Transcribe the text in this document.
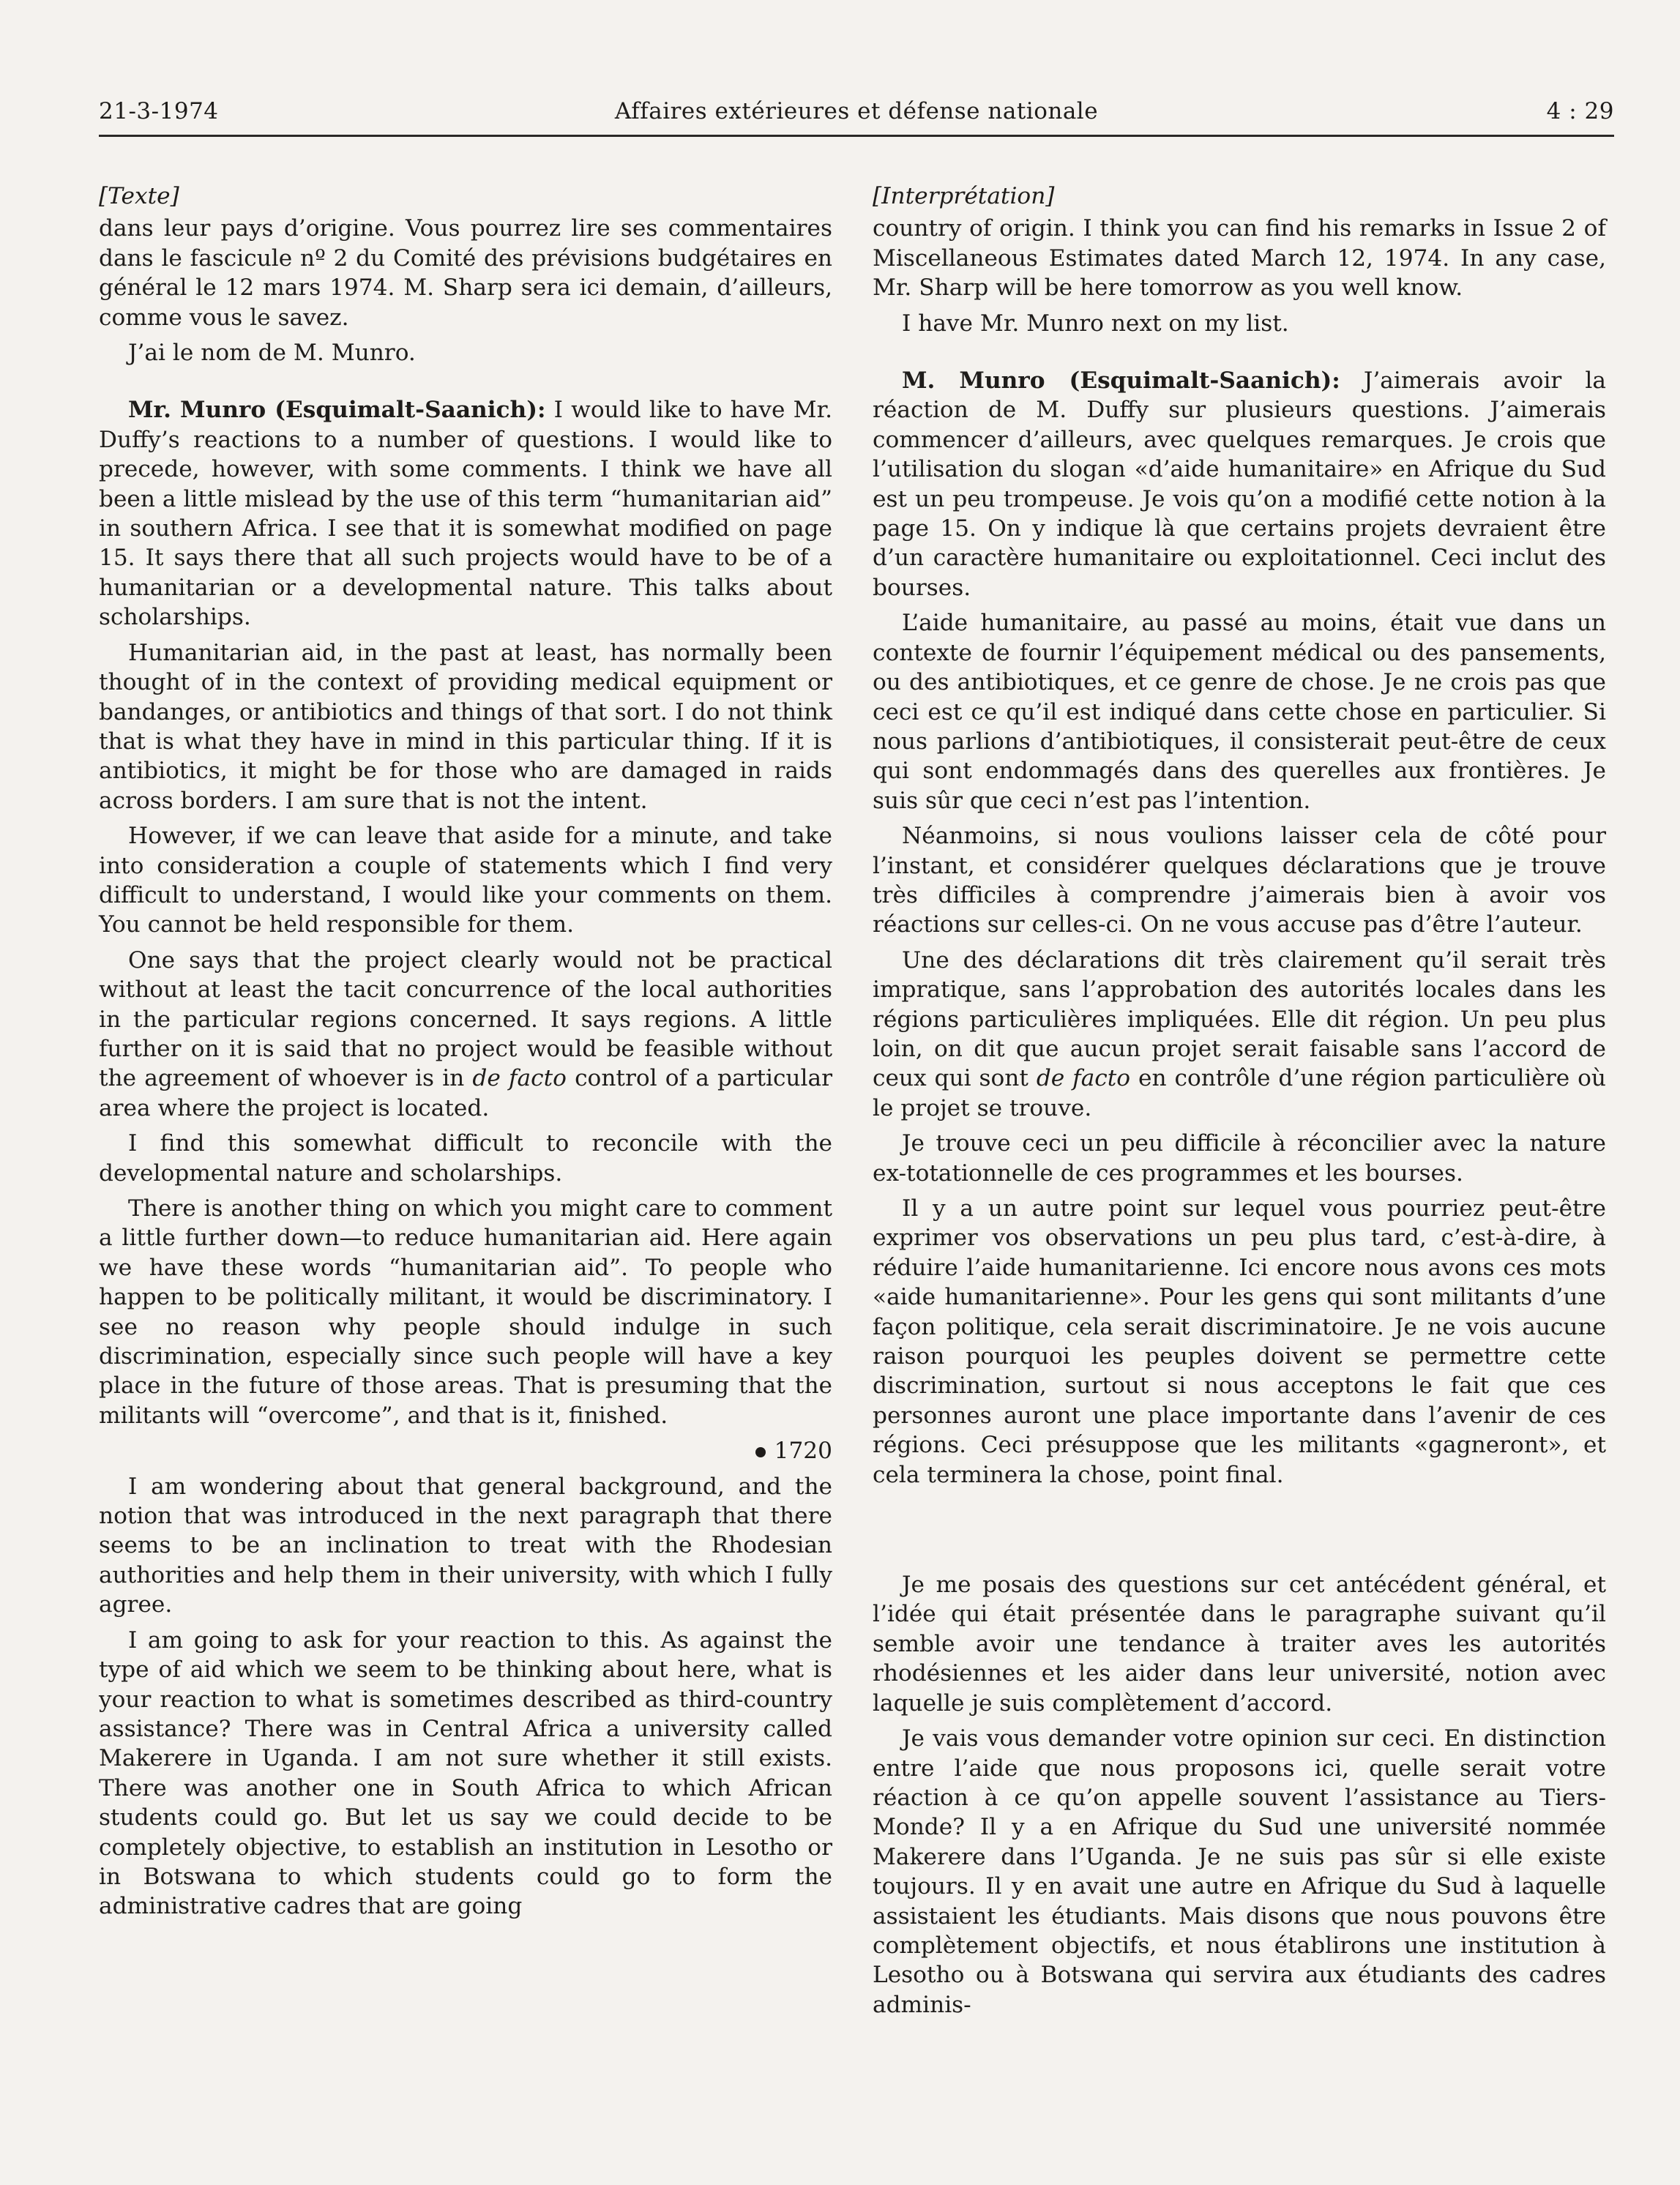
21-3-1974	Affaires extérieures et défense nationale	4 : 29

[Texte]

dans leur pays d’origine. Vous pourrez lire ses commentaires dans le fascicule nº 2 du Comité des prévisions budgétaires en général le 12 mars 1974. M. Sharp sera ici demain, d’ailleurs, comme vous le savez.

J’ai le nom de M. Munro.

Mr. Munro (Esquimalt-Saanich): I would like to have Mr. Duffy’s reactions to a number of questions. I would like to precede, however, with some comments. I think we have all been a little mislead by the use of this term “humanitarian aid” in southern Africa. I see that it is somewhat modified on page 15. It says there that all such projects would have to be of a humanitarian or a developmental nature. This talks about scholarships.

Humanitarian aid, in the past at least, has normally been thought of in the context of providing medical equipment or bandanges, or antibiotics and things of that sort. I do not think that is what they have in mind in this particular thing. If it is antibiotics, it might be for those who are damaged in raids across borders. I am sure that is not the intent.

However, if we can leave that aside for a minute, and take into consideration a couple of statements which I find very difficult to understand, I would like your comments on them. You cannot be held responsible for them.

One says that the project clearly would not be practical without at least the tacit concurrence of the local authorities in the particular regions concerned. It says regions. A little further on it is said that no project would be feasible without the agreement of whoever is in de facto control of a particular area where the project is located.

I find this somewhat difficult to reconcile with the developmental nature and scholarships.

There is another thing on which you might care to comment a little further down—to reduce humanitarian aid. Here again we have these words “humanitarian aid”. To people who happen to be politically militant, it would be discriminatory. I see no reason why people should indulge in such discrimination, especially since such people will have a key place in the future of those areas. That is presuming that the militants will “overcome”, and that is it, finished.

1720

I am wondering about that general background, and the notion that was introduced in the next paragraph that there seems to be an inclination to treat with the Rhodesian authorities and help them in their university, with which I fully agree.

I am going to ask for your reaction to this. As against the type of aid which we seem to be thinking about here, what is your reaction to what is sometimes described as third-country assistance? There was in Central Africa a university called Makerere in Uganda. I am not sure whether it still exists. There was another one in South Africa to which African students could go. But let us say we could decide to be completely objective, to establish an institution in Lesotho or in Botswana to which students could go to form the administrative cadres that are going

[Interprétation]

country of origin. I think you can find his remarks in Issue 2 of Miscellaneous Estimates dated March 12, 1974. In any case, Mr. Sharp will be here tomorrow as you well know.

I have Mr. Munro next on my list.

M. Munro (Esquimalt-Saanich): J’aimerais avoir la réaction de M. Duffy sur plusieurs questions. J’aimerais commencer d’ailleurs, avec quelques remarques. Je crois que l’utilisation du slogan «d’aide humanitaire» en Afrique du Sud est un peu trompeuse. Je vois qu’on a modifié cette notion à la page 15. On y indique là que certains projets devraient être d’un caractère humanitaire ou exploitationnel. Ceci inclut des bourses.

L’aide humanitaire, au passé au moins, était vue dans un contexte de fournir l’équipement médical ou des pansements, ou des antibiotiques, et ce genre de chose. Je ne crois pas que ceci est ce qu’il est indiqué dans cette chose en particulier. Si nous parlions d’antibiotiques, il consisterait peut-être de ceux qui sont endommagés dans des querelles aux frontières. Je suis sûr que ceci n’est pas l’intention.

Néanmoins, si nous voulions laisser cela de côté pour l’instant, et considérer quelques déclarations que je trouve très difficiles à comprendre j’aimerais bien à avoir vos réactions sur celles-ci. On ne vous accuse pas d’être l’auteur.

Une des déclarations dit très clairement qu’il serait très impratique, sans l’approbation des autorités locales dans les régions particulières impliquées. Elle dit région. Un peu plus loin, on dit que aucun projet serait faisable sans l’accord de ceux qui sont de facto en contrôle d’une région particulière où le projet se trouve.

Je trouve ceci un peu difficile à réconcilier avec la nature ex-totationnelle de ces programmes et les bourses.

Il y a un autre point sur lequel vous pourriez peut-être exprimer vos observations un peu plus tard, c’est-à-dire, à réduire l’aide humanitarienne. Ici encore nous avons ces mots «aide humanitarienne». Pour les gens qui sont militants d’une façon politique, cela serait discriminatoire. Je ne vois aucune raison pourquoi les peuples doivent se permettre cette discrimination, surtout si nous acceptons le fait que ces personnes auront une place importante dans l’avenir de ces régions. Ceci présuppose que les militants «gagneront», et cela terminera la chose, point final.

Je me posais des questions sur cet antécédent général, et l’idée qui était présentée dans le paragraphe suivant qu’il semble avoir une tendance à traiter aves les autorités rhodésiennes et les aider dans leur université, notion avec laquelle je suis complètement d’accord.

Je vais vous demander votre opinion sur ceci. En distinction entre l’aide que nous proposons ici, quelle serait votre réaction à ce qu’on appelle souvent l’assistance au Tiers-Monde? Il y a en Afrique du Sud une université nommée Makerere dans l’Uganda. Je ne suis pas sûr si elle existe toujours. Il y en avait une autre en Afrique du Sud à laquelle assistaient les étudiants. Mais disons que nous pouvons être complètement objectifs, et nous établirons une institution à Lesotho ou à Botswana qui servira aux étudiants des cadres adminis-
